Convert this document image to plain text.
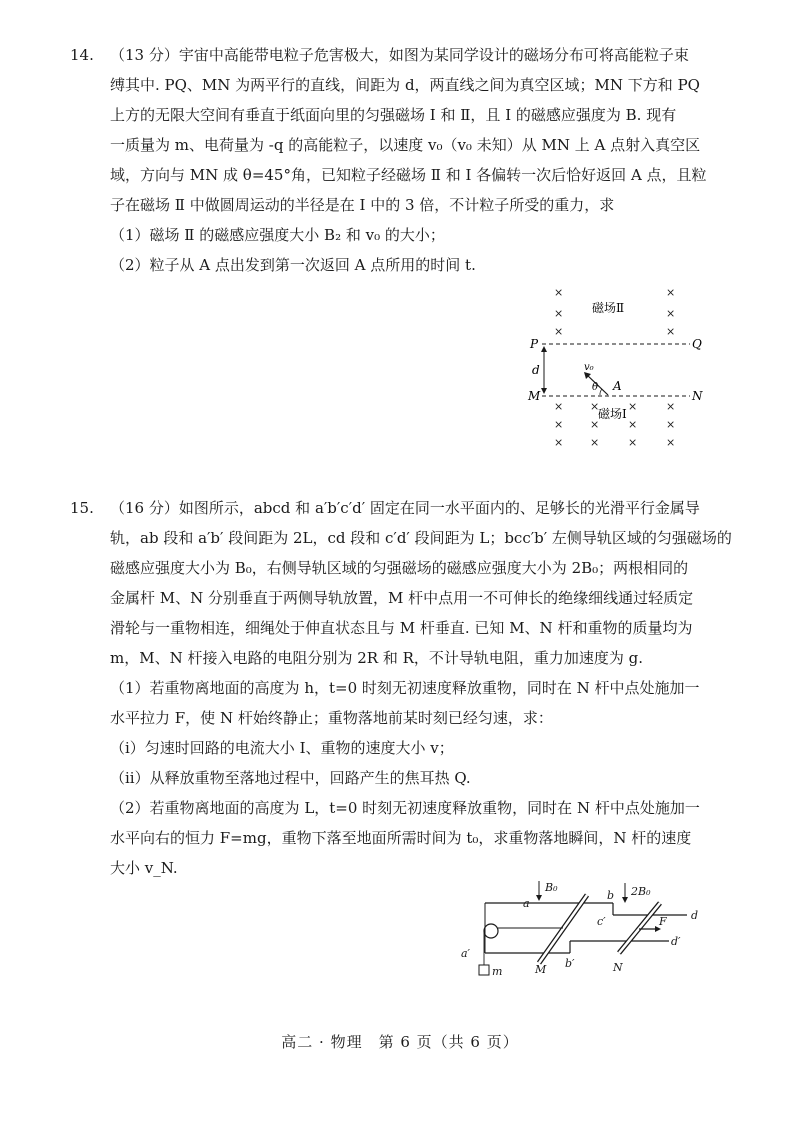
14. （13 分）宇宙中高能带电粒子危害极大，如图为某同学设计的磁场分布可将高能粒子束
缚其中. PQ、MN 为两平行的直线，间距为 d，两直线之间为真空区域；MN 下方和 PQ
上方的无限大空间有垂直于纸面向里的匀强磁场 Ⅰ 和 Ⅱ，且 Ⅰ 的磁感应强度为 B. 现有
一质量为 m、电荷量为 -q 的高能粒子，以速度 v₀（v₀ 未知）从 MN 上 A 点射入真空区
域，方向与 MN 成 θ=45°角，已知粒子经磁场 Ⅱ 和 Ⅰ 各偏转一次后恰好返回 A 点，且粒
子在磁场 Ⅱ 中做圆周运动的半径是在 Ⅰ 中的 3 倍，不计粒子所受的重力，求
（1）磁场 Ⅱ 的磁感应强度大小 B₂ 和 v₀ 的大小；
（2）粒子从 A 点出发到第一次返回 A 点所用的时间 t.
×	×
×	×
×	×
磁场Ⅱ
P	Q
d
M	N
v₀
θ A
× ×	×	×
× ×	×	×
× ×	×	×
磁场Ⅰ
15. （16 分）如图所示，abcd 和 a′b′c′d′ 固定在同一水平面内的、足够长的光滑平行金属导
轨，ab 段和 a′b′ 段间距为 2L，cd 段和 c′d′ 段间距为 L；bcc′b′ 左侧导轨区域的匀强磁场的
磁感应强度大小为 B₀，右侧导轨区域的匀强磁场的磁感应强度大小为 2B₀；两根相同的
金属杆 M、N 分别垂直于两侧导轨放置，M 杆中点用一不可伸长的绝缘细线通过轻质定
滑轮与一重物相连，细绳处于伸直状态且与 M 杆垂直. 已知 M、N 杆和重物的质量均为
m，M、N 杆接入电路的电阻分别为 2R 和 R，不计导轨电阻，重力加速度为 g.
（1）若重物离地面的高度为 h，t=0 时刻无初速度释放重物，同时在 N 杆中点处施加一
水平拉力 F，使 N 杆始终静止；重物落地前某时刻已经匀速，求：
（i）匀速时回路的电流大小 I、重物的速度大小 v；
（ii）从释放重物至落地过程中，回路产生的焦耳热 Q.
（2）若重物离地面的高度为 L，t=0 时刻无初速度释放重物，同时在 N 杆中点处施加一
水平向右的恒力 F=mg，重物下落至地面所需时间为 t₀，求重物落地瞬间，N 杆的速度
大小 v_N.
B₀	2B₀
a
b
c′	d
a′
b′
d′
M	N
m
F
高二 · 物理　第 6 页（共 6 页）
